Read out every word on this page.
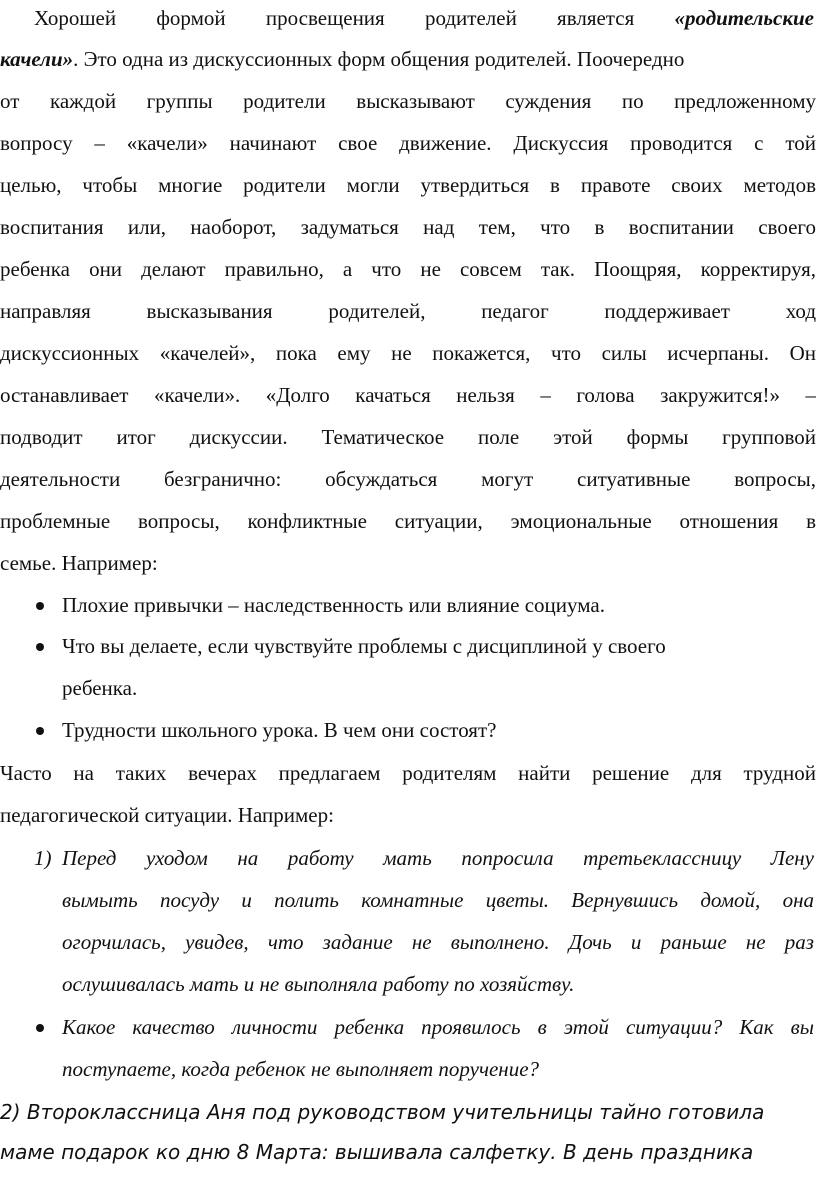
Хорошей формой просвещения родителей является «родительские
качели». Это одна из дискуссионных форм общения родителей. Поочередно
от каждой группы родители высказывают суждения по предложенному
вопросу – «качели» начинают свое движение. Дискуссия проводится с той
целью, чтобы многие родители могли утвердиться в правоте своих методов
воспитания или, наоборот, задуматься над тем, что в воспитании своего
ребенка они делают правильно, а что не совсем так. Поощряя, корректируя,
направляя высказывания родителей, педагог поддерживает ход
дискуссионных «качелей», пока ему не покажется, что силы исчерпаны. Он
останавливает «качели». «Долго качаться нельзя – голова закружится!» –
подводит итог дискуссии. Тематическое поле этой формы групповой
деятельности безгранично: обсуждаться могут ситуативные вопросы,
проблемные вопросы, конфликтные ситуации, эмоциональные отношения в
семье. Например:
Плохие привычки – наследственность или влияние социума.
Что вы делаете, если чувствуйте проблемы с дисциплиной у своего
ребенка.
Трудности школьного урока. В чем они состоят?
Часто на таких вечерах предлагаем родителям найти решение для трудной
педагогической ситуации. Например:
1) Перед уходом на работу мать попросила третьеклассницу Лену
вымыть посуду и полить комнатные цветы. Вернувшись домой, она
огорчилась, увидев, что задание не выполнено. Дочь и раньше не раз
ослушивалась мать и не выполняла работу по хозяйству.
Какое качество личности ребенка проявилось в этой ситуации? Как вы
поступаете, когда ребенок не выполняет поручение?
2) Второклассница Аня под руководством учительницы тайно готовила
маме подарок ко дню 8 Марта: вышивала салфетку. В день праздника
